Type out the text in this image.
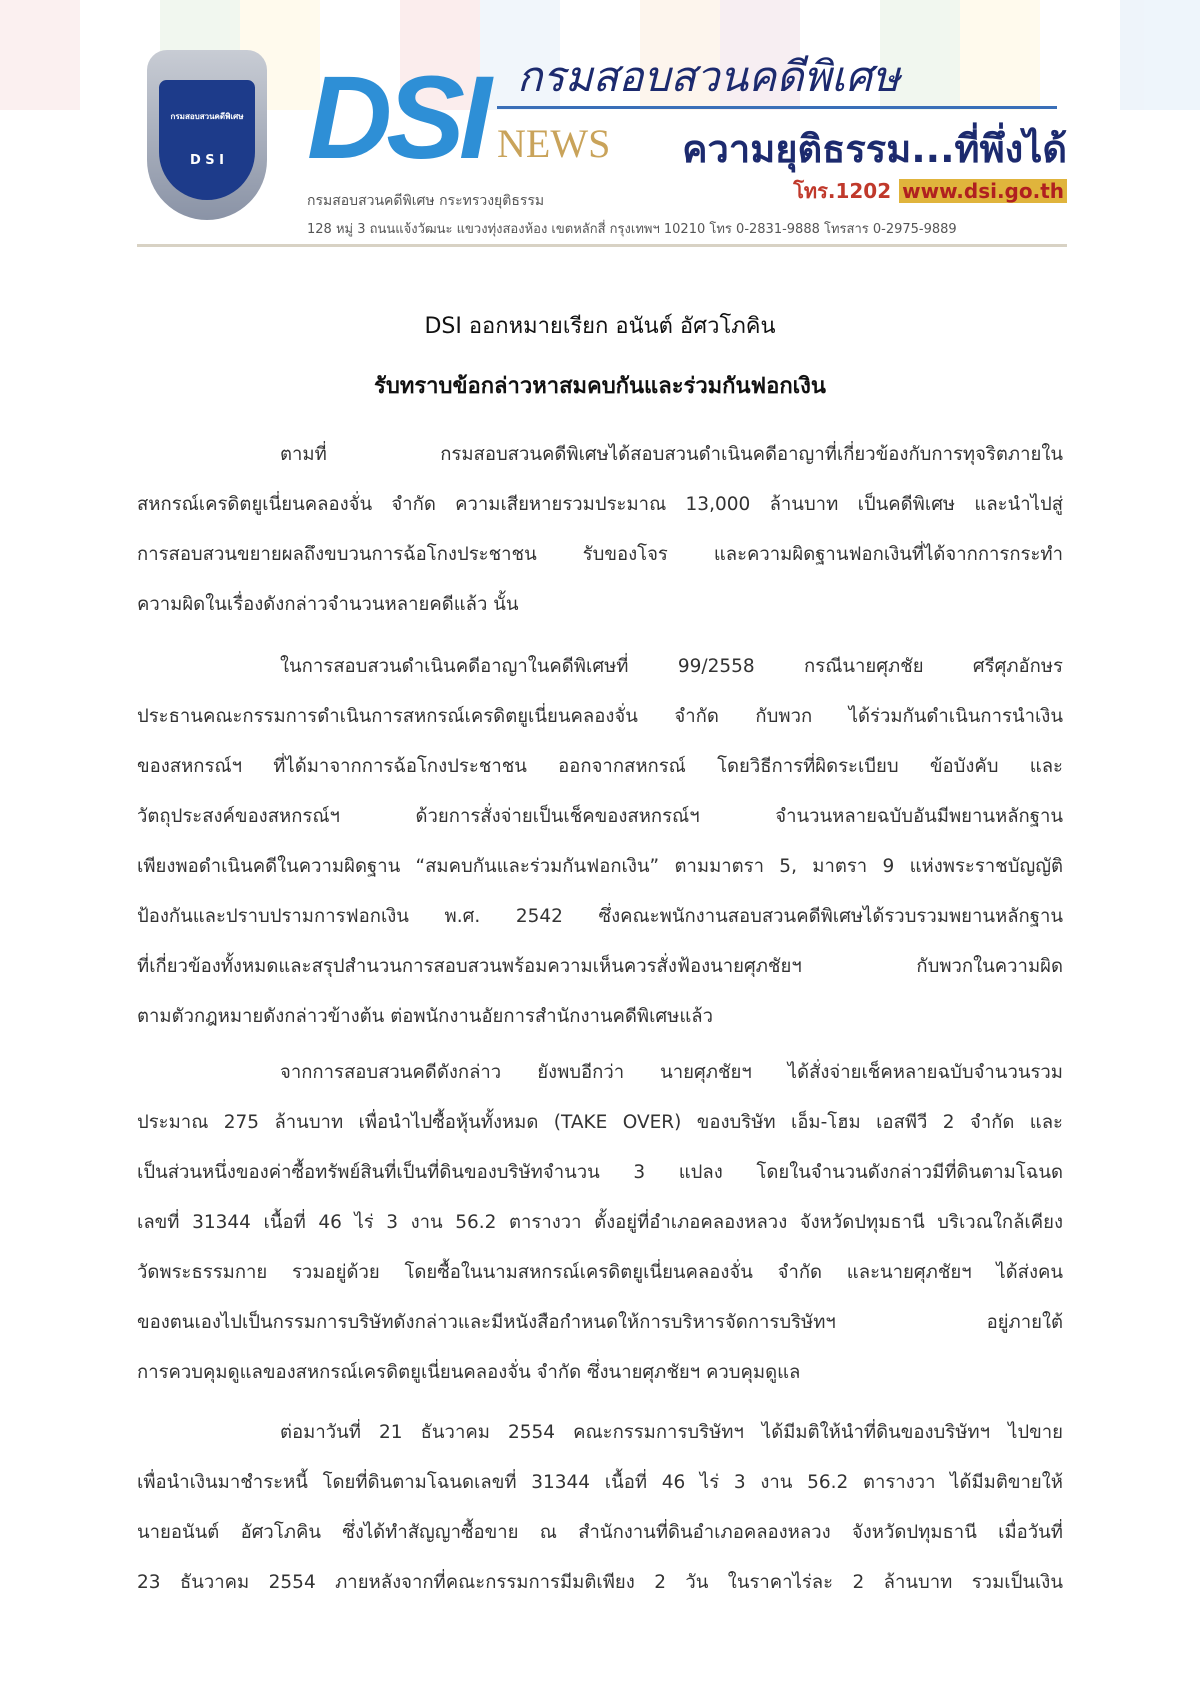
กรมสอบสวนคดีพิเศษ
D S I DSI กรมสอบสวนคดีพิเศษ
NEWS ความยุติธรรม...ที่พึ่งได้
โทร.1202 www.dsi.go.th
กรมสอบสวนคดีพิเศษ กระทรวงยุติธรรม
128 หมู่ 3 ถนนแจ้งวัฒนะ แขวงทุ่งสองห้อง เขตหลักสี่ กรุงเทพฯ 10210 โทร 0-2831-9888 โทรสาร 0-2975-9889
DSI ออกหมายเรียก อนันต์ อัศวโภคิน
รับทราบข้อกล่าวหาสมคบกันและร่วมกันฟอกเงิน
ตามที่ กรมสอบสวนคดีพิเศษได้สอบสวนดำเนินคดีอาญาที่เกี่ยวข้องกับการทุจริตภายใน
สหกรณ์เครดิตยูเนี่ยนคลองจั่น จำกัด ความเสียหายรวมประมาณ 13,000 ล้านบาท เป็นคดีพิเศษ และนำไปสู่
การสอบสวนขยายผลถึงขบวนการฉ้อโกงประชาชน รับของโจร และความผิดฐานฟอกเงินที่ได้จากการกระทำ
ความผิดในเรื่องดังกล่าวจำนวนหลายคดีแล้ว นั้น
ในการสอบสวนดำเนินคดีอาญาในคดีพิเศษที่ 99/2558 กรณีนายศุภชัย ศรีศุภอักษร
ประธานคณะกรรมการดำเนินการสหกรณ์เครดิตยูเนี่ยนคลองจั่น จำกัด กับพวก ได้ร่วมกันดำเนินการนำเงิน
ของสหกรณ์ฯ ที่ได้มาจากการฉ้อโกงประชาชน ออกจากสหกรณ์ โดยวิธีการที่ผิดระเบียบ ข้อบังคับ และ
วัตถุประสงค์ของสหกรณ์ฯ ด้วยการสั่งจ่ายเป็นเช็คของสหกรณ์ฯ จำนวนหลายฉบับอันมีพยานหลักฐาน
เพียงพอดำเนินคดีในความผิดฐาน “สมคบกันและร่วมกันฟอกเงิน” ตามมาตรา 5, มาตรา 9 แห่งพระราชบัญญัติ
ป้องกันและปราบปรามการฟอกเงิน พ.ศ. 2542 ซึ่งคณะพนักงานสอบสวนคดีพิเศษได้รวบรวมพยานหลักฐาน
ที่เกี่ยวข้องทั้งหมดและสรุปสำนวนการสอบสวนพร้อมความเห็นควรสั่งฟ้องนายศุภชัยฯ กับพวกในความผิด
ตามตัวกฎหมายดังกล่าวข้างต้น ต่อพนักงานอัยการสำนักงานคดีพิเศษแล้ว
จากการสอบสวนคดีดังกล่าว ยังพบอีกว่า นายศุภชัยฯ ได้สั่งจ่ายเช็คหลายฉบับจำนวนรวม
ประมาณ 275 ล้านบาท เพื่อนำไปซื้อหุ้นทั้งหมด (TAKE OVER) ของบริษัท เอ็ม-โฮม เอสพีวี 2 จำกัด และ
เป็นส่วนหนึ่งของค่าซื้อทรัพย์สินที่เป็นที่ดินของบริษัทจำนวน 3 แปลง โดยในจำนวนดังกล่าวมีที่ดินตามโฉนด
เลขที่ 31344 เนื้อที่ 46 ไร่ 3 งาน 56.2 ตารางวา ตั้งอยู่ที่อำเภอคลองหลวง จังหวัดปทุมธานี บริเวณใกล้เคียง
วัดพระธรรมกาย รวมอยู่ด้วย โดยซื้อในนามสหกรณ์เครดิตยูเนี่ยนคลองจั่น จำกัด และนายศุภชัยฯ ได้ส่งคน
ของตนเองไปเป็นกรรมการบริษัทดังกล่าวและมีหนังสือกำหนดให้การบริหารจัดการบริษัทฯ อยู่ภายใต้
การควบคุมดูแลของสหกรณ์เครดิตยูเนี่ยนคลองจั่น จำกัด ซึ่งนายศุภชัยฯ ควบคุมดูแล
ต่อมาวันที่ 21 ธันวาคม 2554 คณะกรรมการบริษัทฯ ได้มีมติให้นำที่ดินของบริษัทฯ ไปขาย
เพื่อนำเงินมาชำระหนี้ โดยที่ดินตามโฉนดเลขที่ 31344 เนื้อที่ 46 ไร่ 3 งาน 56.2 ตารางวา ได้มีมติขายให้
นายอนันต์ อัศวโภคิน ซึ่งได้ทำสัญญาซื้อขาย ณ สำนักงานที่ดินอำเภอคลองหลวง จังหวัดปทุมธานี เมื่อวันที่
23 ธันวาคม 2554 ภายหลังจากที่คณะกรรมการมีมติเพียง 2 วัน ในราคาไร่ละ 2 ล้านบาท รวมเป็นเงิน
